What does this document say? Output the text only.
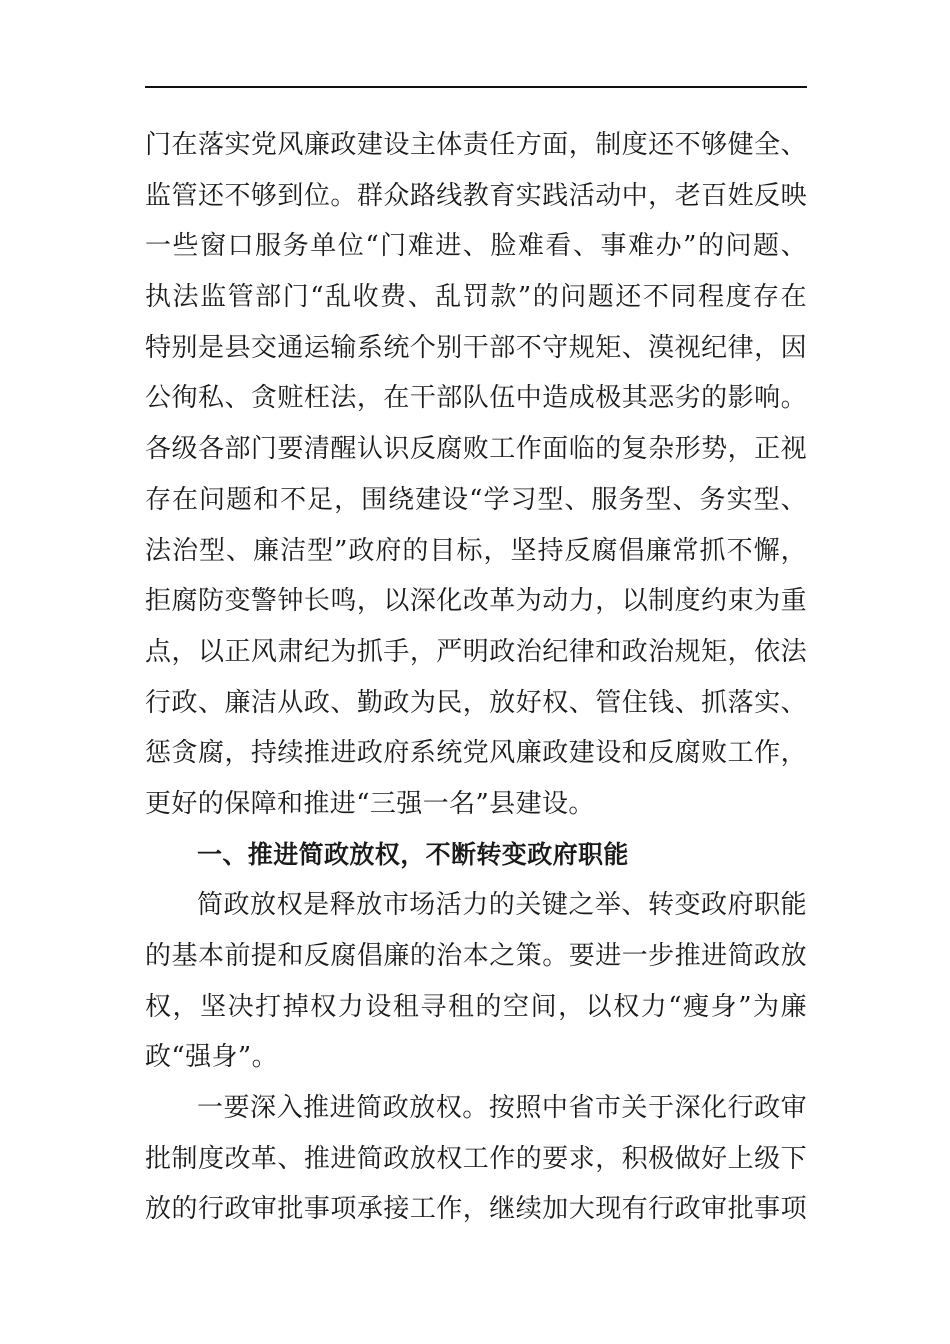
门在落实党风廉政建设主体责任方面，制度还不够健全、
监管还不够到位。群众路线教育实践活动中，老百姓反映
一些窗口服务单位“门难进、脸难看、事难办”的问题、
执法监管部门“乱收费、乱罚款”的问题还不同程度存在
特别是县交通运输系统个别干部不守规矩、漠视纪律，因
公徇私、贪赃枉法，在干部队伍中造成极其恶劣的影响。
各级各部门要清醒认识反腐败工作面临的复杂形势，正视
存在问题和不足，围绕建设“学习型、服务型、务实型、
法治型、廉洁型”政府的目标，坚持反腐倡廉常抓不懈，
拒腐防变警钟长鸣，以深化改革为动力，以制度约束为重
点，以正风肃纪为抓手，严明政治纪律和政治规矩，依法
行政、廉洁从政、勤政为民，放好权、管住钱、抓落实、
惩贪腐，持续推进政府系统党风廉政建设和反腐败工作，
更好的保障和推进“三强一名”县建设。
一、推进简政放权，不断转变政府职能
简政放权是释放市场活力的关键之举、转变政府职能
的基本前提和反腐倡廉的治本之策。要进一步推进简政放
权，坚决打掉权力设租寻租的空间，以权力“瘦身”为廉
政“强身”。
一要深入推进简政放权。按照中省市关于深化行政审
批制度改革、推进简政放权工作的要求，积极做好上级下
放的行政审批事项承接工作，继续加大现有行政审批事项
